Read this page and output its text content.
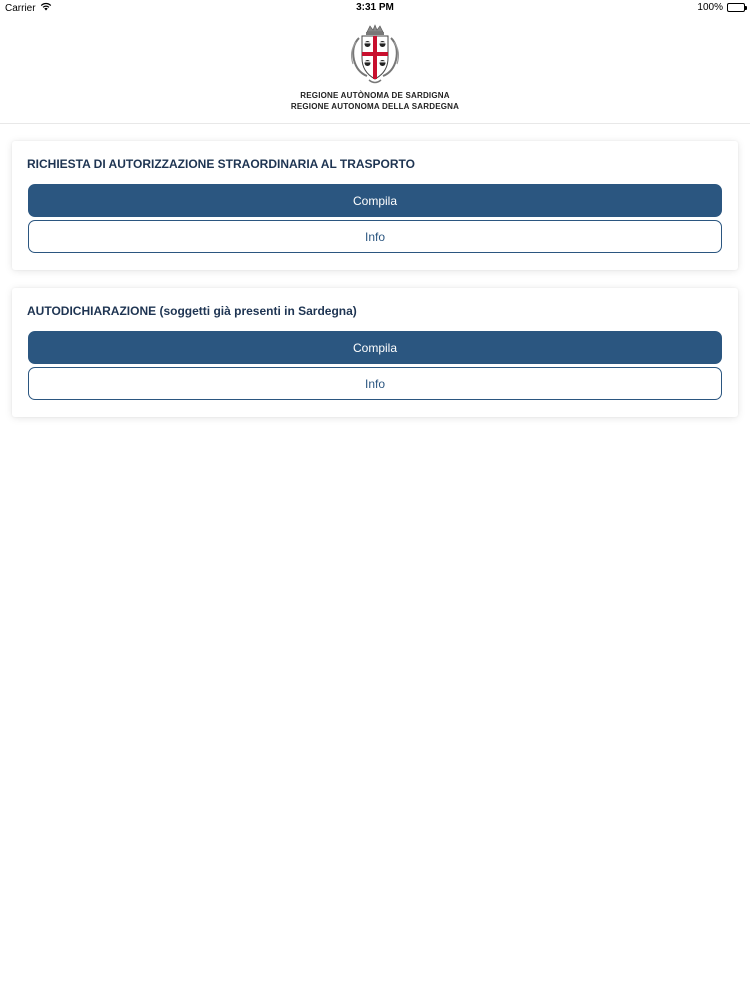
Carrier	3:31 PM	100%
REGIONE AUTÒNOMA DE SARDIGNA
REGIONE AUTONOMA DELLA SARDEGNA
RICHIESTA DI AUTORIZZAZIONE STRAORDINARIA AL TRASPORTO
Compila
Info
AUTODICHIARAZIONE (soggetti già presenti in Sardegna)
Compila
Info
